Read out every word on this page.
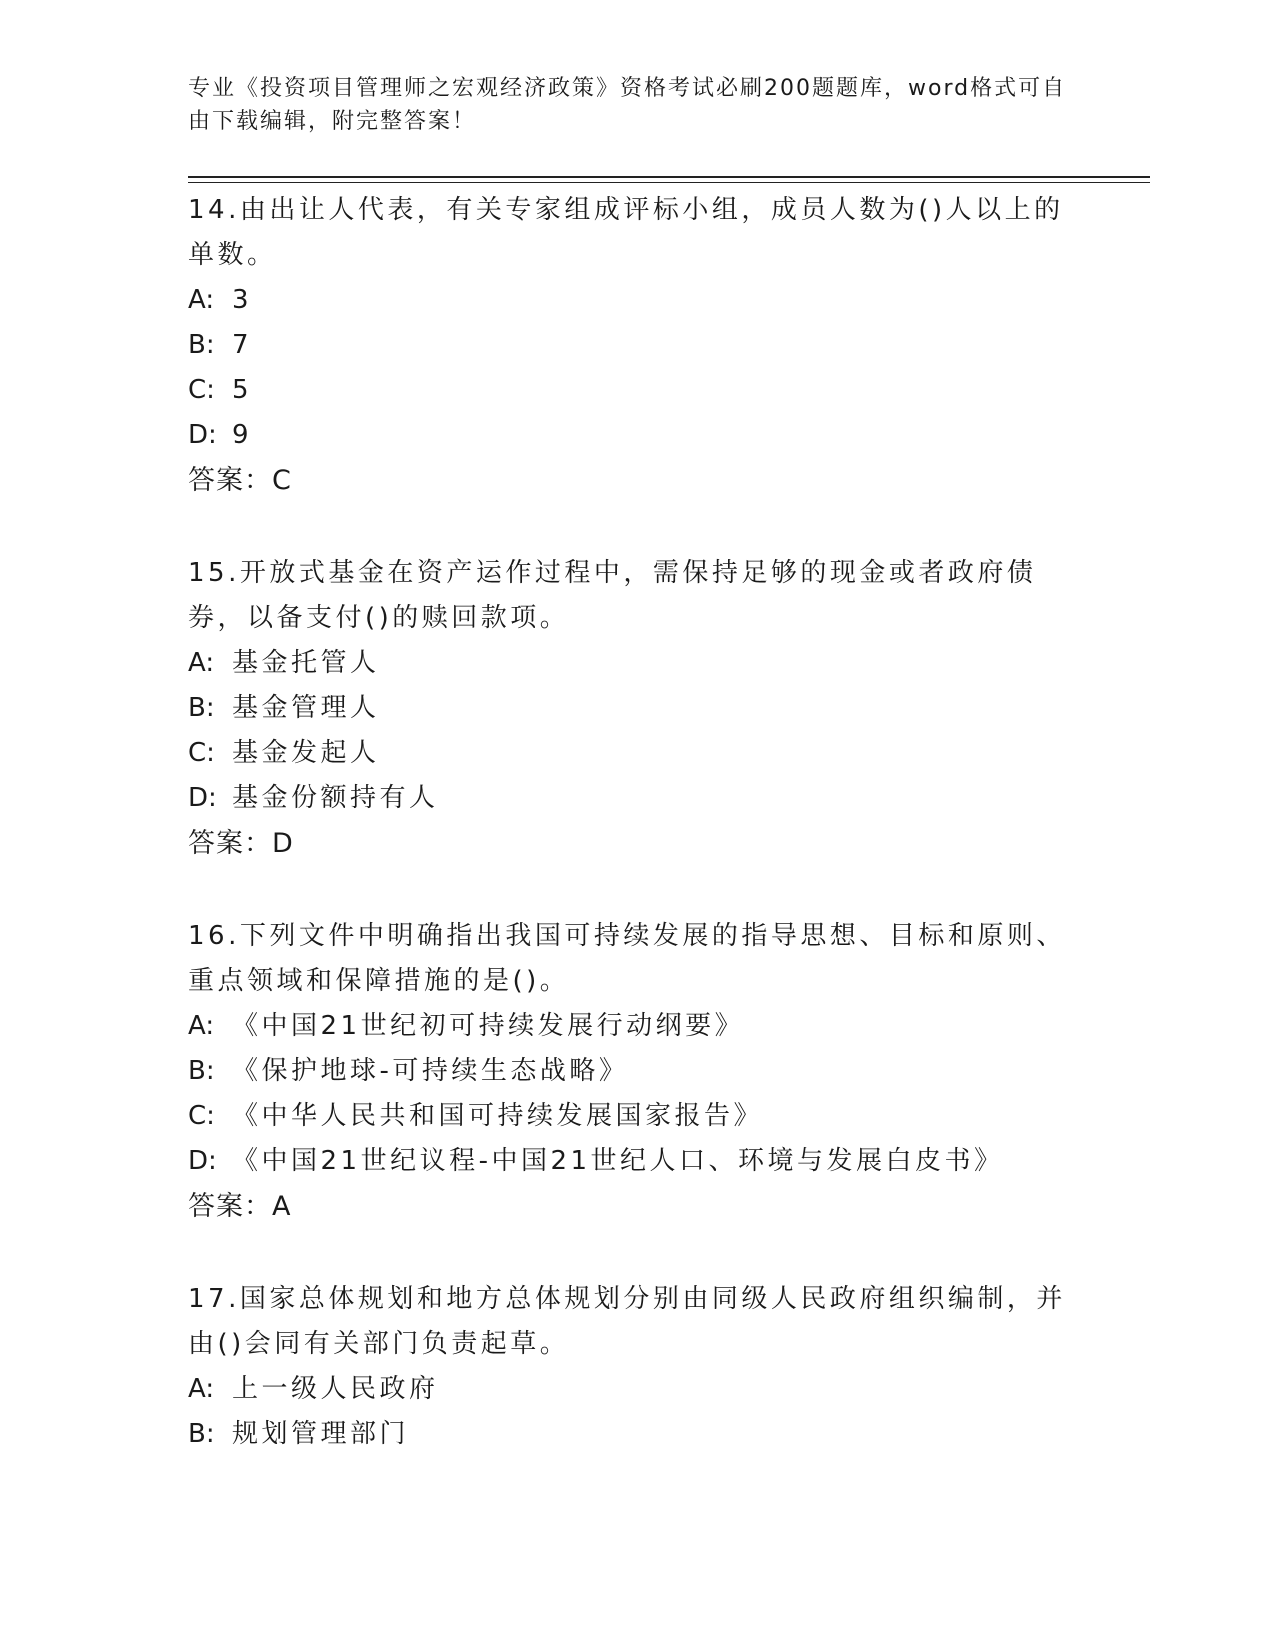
专业《投资项目管理师之宏观经济政策》资格考试必刷200题题库，word格式可自由下载编辑，附完整答案！
14.由出让人代表，有关专家组成评标小组，成员人数为()人以上的单数。
A: 3
B: 7
C: 5
D: 9
答案：C
15.开放式基金在资产运作过程中，需保持足够的现金或者政府债券，以备支付()的赎回款项。
A: 基金托管人
B: 基金管理人
C: 基金发起人
D: 基金份额持有人
答案：D
16.下列文件中明确指出我国可持续发展的指导思想、目标和原则、重点领域和保障措施的是()。
A: 《中国21世纪初可持续发展行动纲要》
B: 《保护地球-可持续生态战略》
C: 《中华人民共和国可持续发展国家报告》
D: 《中国21世纪议程-中国21世纪人口、环境与发展白皮书》
答案：A
17.国家总体规划和地方总体规划分别由同级人民政府组织编制，并由()会同有关部门负责起草。
A: 上一级人民政府
B: 规划管理部门
